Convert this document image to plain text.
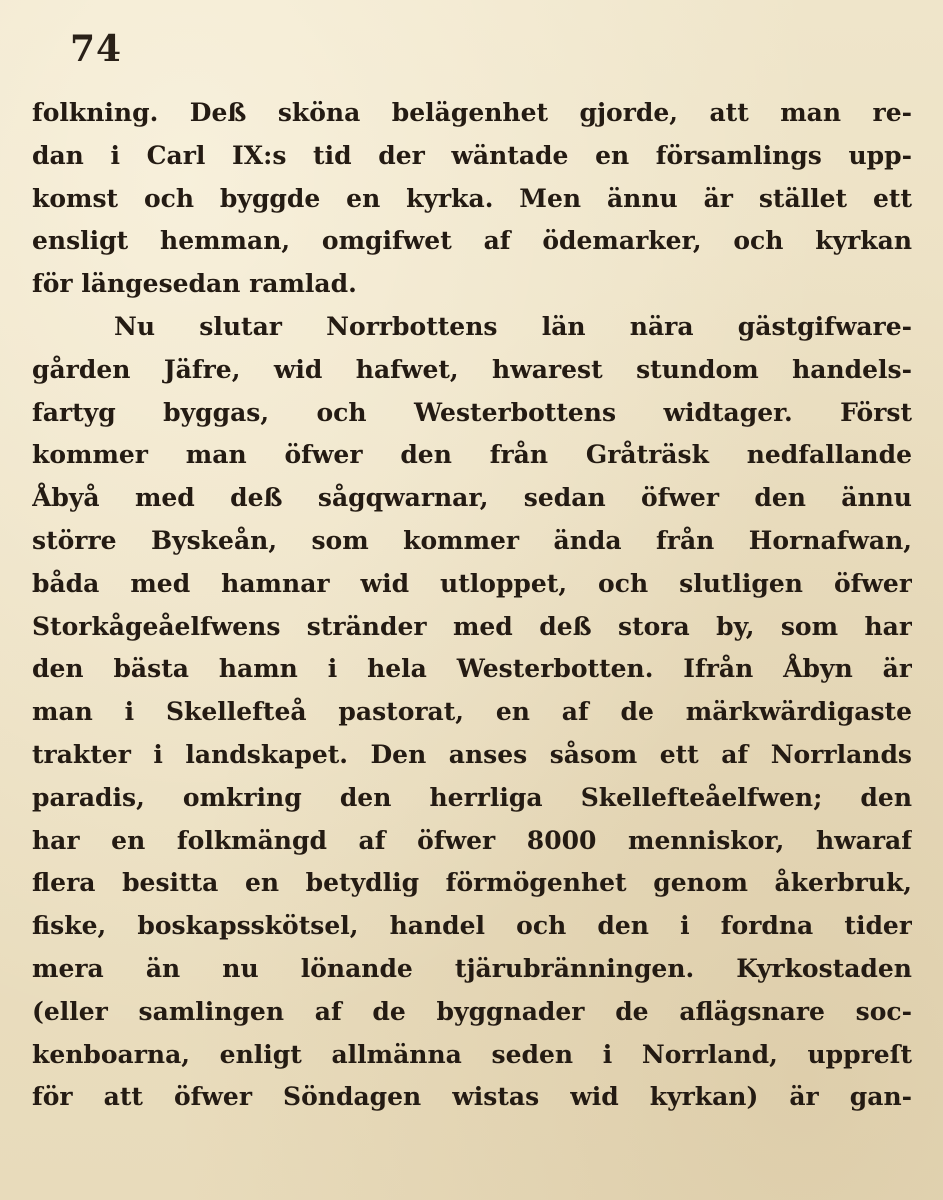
74
folkning. Deß sköna belägenhet gjorde, att man re-
dan i Carl IX:s tid der wäntade en församlings upp-
komst och byggde en kyrka. Men ännu är stället ett
ensligt hemman, omgifwet af ödemarker, och kyrkan
för längesedan ramlad.
Nu slutar Norrbottens län nära gästgifware-
gården Jäfre, wid hafwet, hwarest stundom handels-
fartyg byggas, och Westerbottens widtager. Först
kommer man öfwer den från Gråträsk nedfallande
Åbyå med deß sågqwarnar, sedan öfwer den ännu
större Byskeån, som kommer ända från Hornafwan,
båda med hamnar wid utloppet, och slutligen öfwer
Storkågeåelfwens stränder med deß stora by, som har
den bästa hamn i hela Westerbotten. Ifrån Åbyn är
man i Skellefteå pastorat, en af de märkwärdigaste
trakter i landskapet. Den anses såsom ett af Norrlands
paradis, omkring den herrliga Skellefteåelfwen; den
har en folkmängd af öfwer 8000 menniskor, hwaraf
flera besitta en betydlig förmögenhet genom åkerbruk,
fiske, boskapsskötsel, handel och den i fordna tider
mera än nu lönande tjärubränningen. Kyrkostaden
(eller samlingen af de byggnader de aflägsnare soc-
kenboarna, enligt allmänna seden i Norrland, uppreſt
för att öfwer Söndagen wistas wid kyrkan) är gan-
